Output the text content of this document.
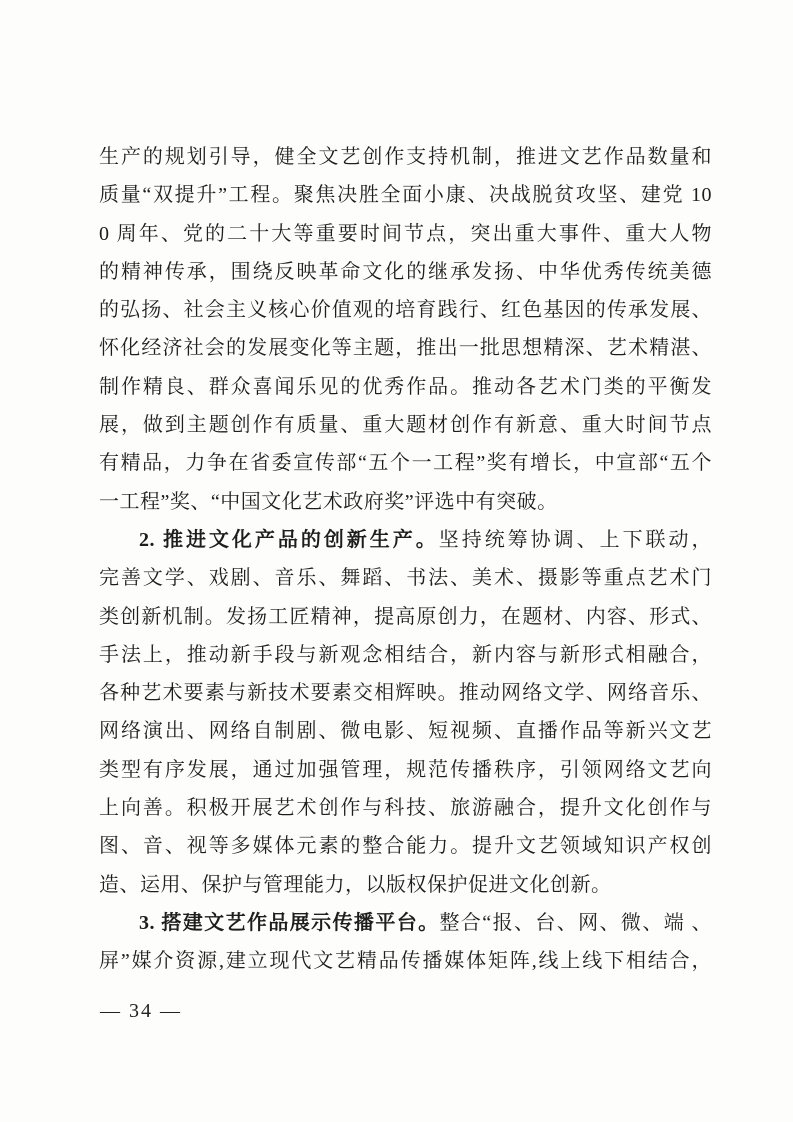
生产的规划引导，健全文艺创作支持机制，推进文艺作品数量和
质量“双提升”工程。聚焦决胜全面小康、决战脱贫攻坚、建党 10
0 周年、党的二十大等重要时间节点，突出重大事件、重大人物
的精神传承，围绕反映革命文化的继承发扬、中华优秀传统美德
的弘扬、社会主义核心价值观的培育践行、红色基因的传承发展、
怀化经济社会的发展变化等主题，推出一批思想精深、艺术精湛、
制作精良、群众喜闻乐见的优秀作品。推动各艺术门类的平衡发
展，做到主题创作有质量、重大题材创作有新意、重大时间节点
有精品，力争在省委宣传部“五个一工程”奖有增长，中宣部“五个
一工程”奖、“中国文化艺术政府奖”评选中有突破。
2. 推进文化产品的创新生产。坚持统筹协调、上下联动，
完善文学、戏剧、音乐、舞蹈、书法、美术、摄影等重点艺术门
类创新机制。发扬工匠精神，提高原创力，在题材、内容、形式、
手法上，推动新手段与新观念相结合，新内容与新形式相融合，
各种艺术要素与新技术要素交相辉映。推动网络文学、网络音乐、
网络演出、网络自制剧、微电影、短视频、直播作品等新兴文艺
类型有序发展，通过加强管理，规范传播秩序，引领网络文艺向
上向善。积极开展艺术创作与科技、旅游融合，提升文化创作与
图、音、视等多媒体元素的整合能力。提升文艺领域知识产权创
造、运用、保护与管理能力，以版权保护促进文化创新。
3. 搭建文艺作品展示传播平台。整合“报、台、网、微、端 、
屏”媒介资源,建立现代文艺精品传播媒体矩阵,线上线下相结合，
— 34 —
